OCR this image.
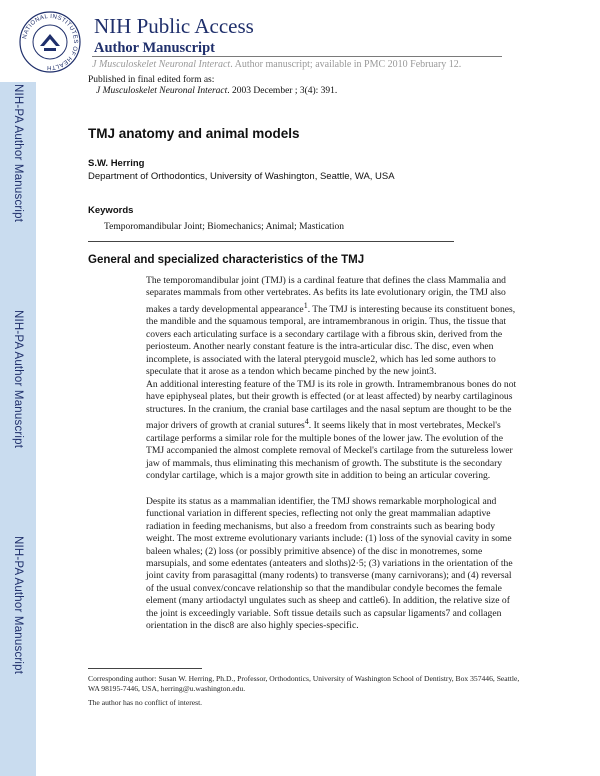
NIH-PA Author Manuscript
NIH-PA Author Manuscript
NIH-PA Author Manuscript
NATIONAL INSTITUTES OF HEALTH
NIH Public Access
Author Manuscript
J Musculoskelet Neuronal Interact. Author manuscript; available in PMC 2010 February 12.
Published in final edited form as:
J Musculoskelet Neuronal Interact. 2003 December ; 3(4): 391.
TMJ anatomy and animal models
S.W. Herring
Department of Orthodontics, University of Washington, Seattle, WA, USA
Keywords
Temporomandibular Joint; Biomechanics; Animal; Mastication
General and specialized characteristics of the TMJ

The temporomandibular joint (TMJ) is a cardinal feature that defines the class Mammalia and separates mammals from other vertebrates. As befits its late evolutionary origin, the TMJ also makes a tardy developmental appearance$^1$. The TMJ is interesting because its constituent bones, the mandible and the squamous temporal, are intramembranous in origin. Thus, the tissue that covers each articulating surface is a secondary cartilage with a fibrous skin, derived from the periosteum. Another nearly constant feature is the intra-articular disc. The disc, even when incomplete, is associated with the lateral pterygoid muscle2, which has led some authors to speculate that it arose as a tendon which became pinched by the new joint3.

An additional interesting feature of the TMJ is its role in growth. Intramembranous bones do not have epiphyseal plates, but their growth is effected (or at least affected) by nearby cartilaginous structures. In the cranium, the cranial base cartilages and the nasal septum are thought to be the major drivers of growth at cranial sutures$^4$. It seems likely that in most vertebrates, Meckel's cartilage performs a similar role for the multiple bones of the lower jaw. The evolution of the TMJ accompanied the almost complete removal of Meckel's cartilage from the sutureless lower jaw of mammals, thus eliminating this mechanism of growth. The substitute is the secondary condylar cartilage, which is a major growth site in addition to being an articular covering.

Despite its status as a mammalian identifier, the TMJ shows remarkable morphological and functional variation in different species, reflecting not only the great mammalian adaptive radiation in feeding mechanisms, but also a freedom from constraints such as bearing body weight. The most extreme evolutionary variants include: (1) loss of the synovial cavity in some baleen whales; (2) loss (or possibly primitive absence) of the disc in monotremes, some marsupials, and some edentates (anteaters and sloths)2·5; (3) variations in the orientation of the joint cavity from parasagittal (many rodents) to transverse (many carnivorans); and (4) reversal of the usual convex/concave relationship so that the mandibular condyle becomes the female element (many artiodactyl ungulates such as sheep and cattle6). In addition, the relative size of the joint is exceedingly variable. Soft tissue details such as capsular ligaments7 and collagen orientation in the disc8 are also highly species-specific.

Corresponding author: Susan W. Herring, Ph.D., Professor, Orthodontics, University of Washington School of Dentistry, Box 357446, Seattle, WA 98195-7446, USA, herring@u.washington.edu.

The author has no conflict of interest.
